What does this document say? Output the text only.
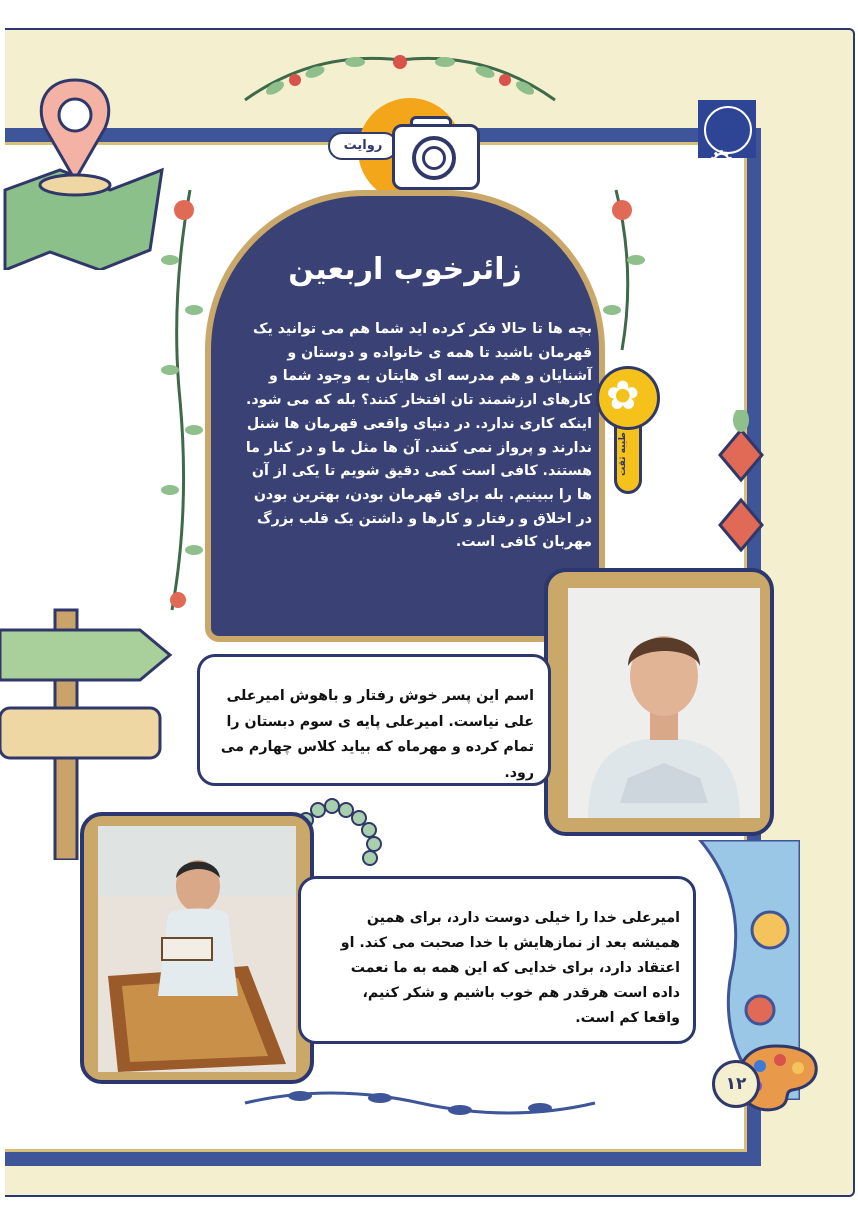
⚙
روایت
زائرخوب اربعین
بچه ها تا حالا فکر کرده اید شما هم می توانید یک قهرمان باشید تا همه ی خانواده و دوستان و آشنایان و هم مدرسه ای هایتان به وجود شما و کارهای ارزشمند تان افتخار کنند؟ بله که می شود. اینکه کاری ندارد. در دنیای واقعی قهرمان ها شنل ندارند و پرواز نمی کنند. آن ها مثل ما و در کنار ما هستند. کافی است کمی دقیق شویم تا یکی از آن ها را ببینیم. بله برای قهرمان بودن، بهترین بودن در اخلاق و رفتار و کارها و داشتن یک قلب بزرگ مهربان کافی است.
✿
طیبه ثقت
اسم این پسر خوش رفتار و باهوش امیرعلی علی نیاست. امیرعلی پایه ی سوم دبستان را تمام کرده و مهرماه که بیاید کلاس چهارم می رود.
امیرعلی خدا را خیلی دوست دارد، برای همین همیشه بعد از نمازهایش با خدا صحبت می کند. او اعتقاد دارد، برای خدایی که این همه به ما نعمت داده است هرقدر هم خوب باشیم و شکر کنیم، واقعا کم است.
۱۲
